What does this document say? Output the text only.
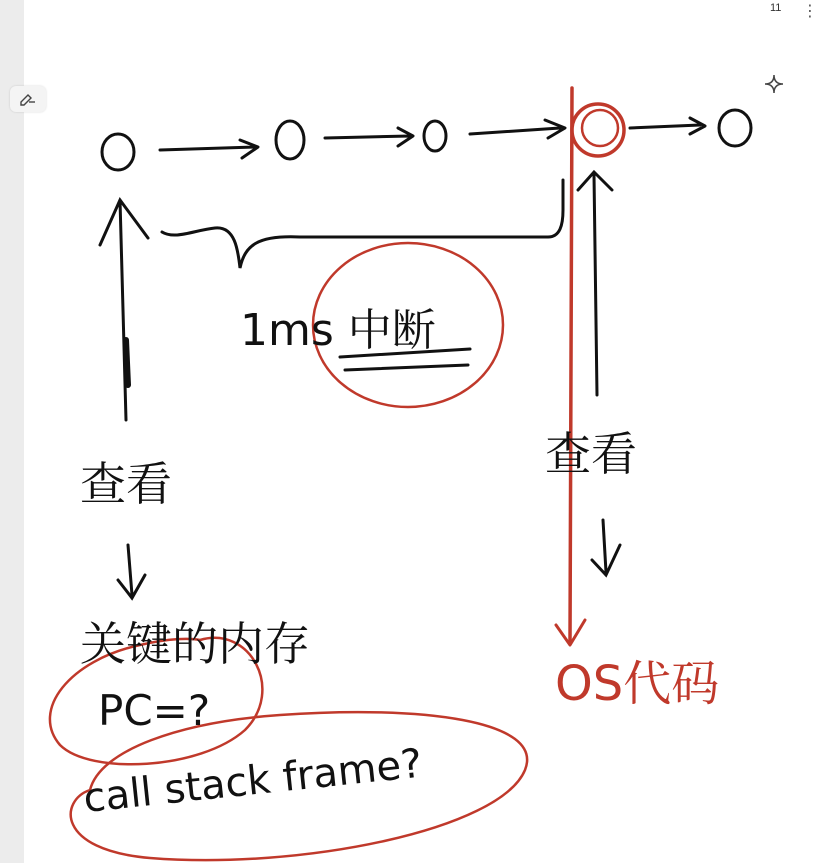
11 ⋮
1ms 中断
查看
关键的内存
PC=?
call stack frame?
查看
OS代码
